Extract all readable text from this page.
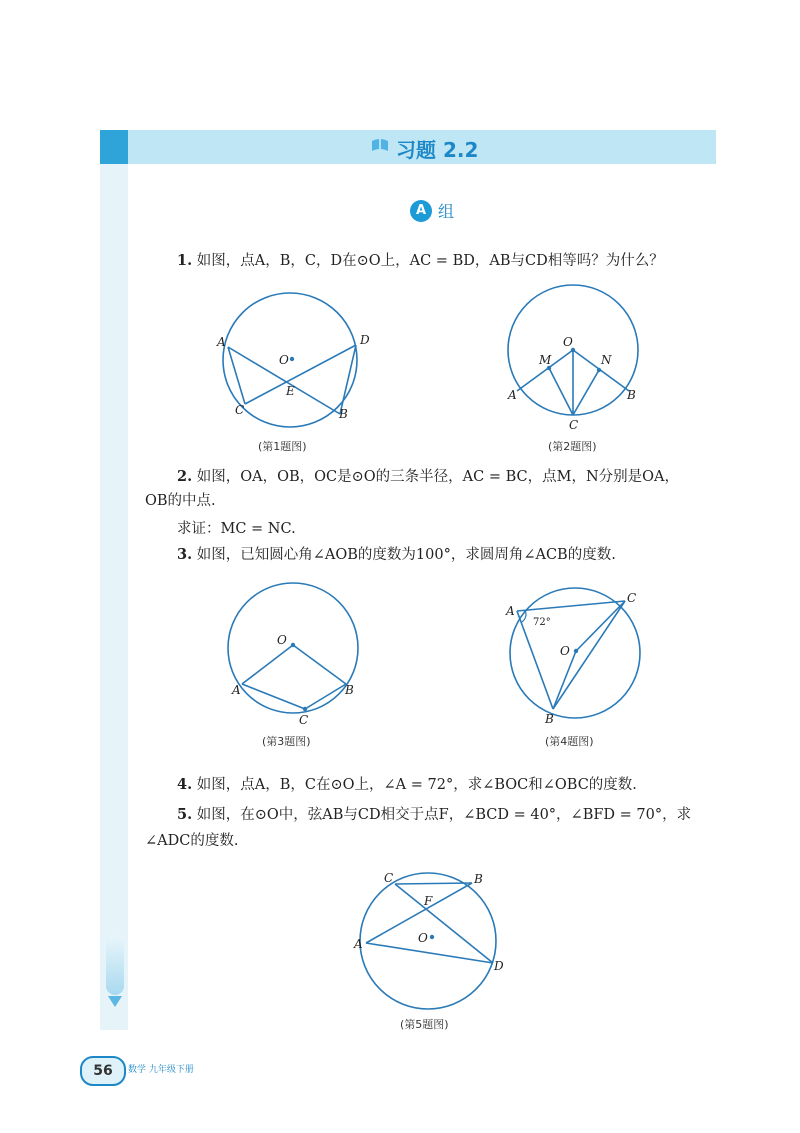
习题 2.2
A 组
1. 如图，点A，B，C，D在⊙O上，AC = BD，AB与CD相等吗？为什么？
A	D
O
E
C	B
(第1题图)
O
M	N
A	B
C
(第2题图)
2. 如图，OA，OB，OC是⊙O的三条半径，AC = BC，点M，N分别是OA，
OB的中点.
求证：MC = NC.
3. 如图，已知圆心角∠AOB的度数为100°，求圆周角∠ACB的度数.
O
A	B
C
(第3题图)
A
C
O
B
72°
(第4题图)
4. 如图，点A，B，C在⊙O上，∠A = 72°，求∠BOC和∠OBC的度数.
5. 如图，在⊙O中，弦AB与CD相交于点F，∠BCD = 40°，∠BFD = 70°，求
∠ADC的度数.
C	B
F
O
A
D
(第5题图)
56	数学 九年级下册
